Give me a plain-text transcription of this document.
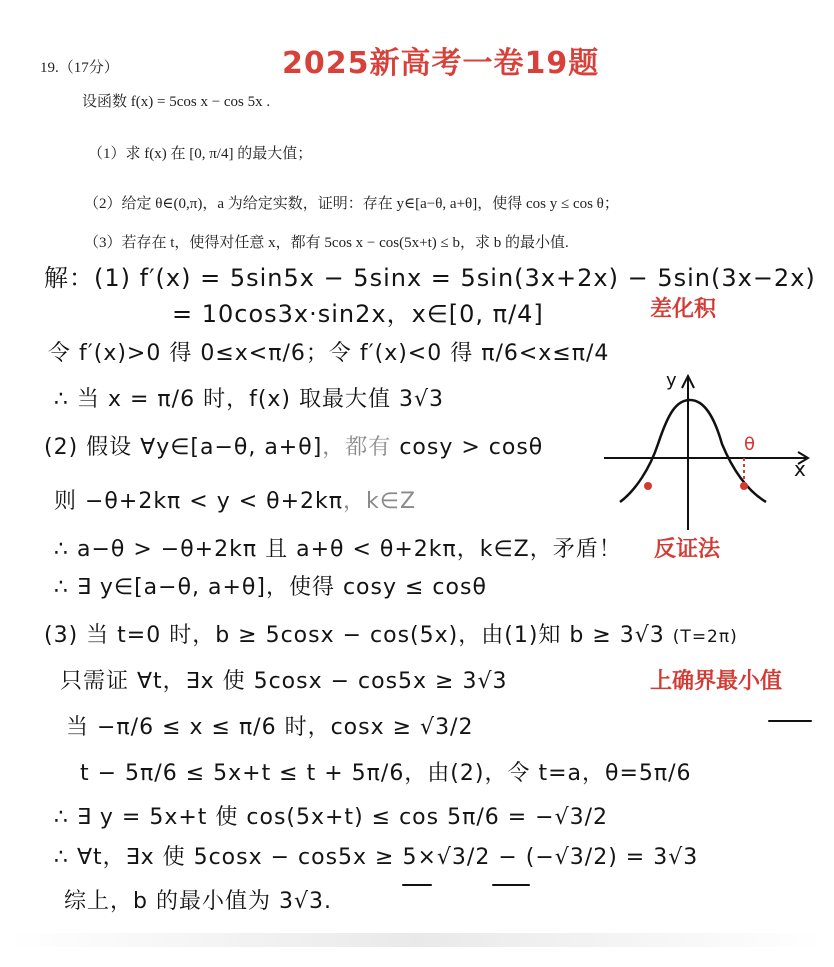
19.（17分）	2025新高考一卷19题
设函数 f(x) = 5cos x − cos 5x .
（1）求 f(x) 在 [0, π/4] 的最大值；
（2）给定 θ∈(0,π)，a 为给定实数，证明：存在 y∈[a−θ, a+θ]，使得 cos y ≤ cos θ；
（3）若存在 t，使得对任意 x，都有 5cos x − cos(5x+t) ≤ b，求 b 的最小值.
解：(1) f′(x) = 5sin5x − 5sinx = 5sin(3x+2x) − 5sin(3x−2x)
= 10cos3x·sin2x，x∈[0, π/4]
令 f′(x)>0 得 0≤x<π/6；令 f′(x)<0 得 π/6<x≤π/4
∴ 当 x = π/6 时，f(x) 取最大值 3√3
(2) 假设 ∀y∈[a−θ, a+θ]，都有 cosy > cosθ
则 −θ+2kπ < y < θ+2kπ，k∈Z
∴ a−θ > −θ+2kπ 且 a+θ < θ+2kπ，k∈Z，矛盾！
∴ ∃ y∈[a−θ, a+θ]，使得 cosy ≤ cosθ
(3) 当 t=0 时，b ≥ 5cosx − cos(5x)，由(1)知 b ≥ 3√3 (T=2π)
只需证 ∀t，∃x 使 5cosx − cos5x ≥ 3√3
当 −π/6 ≤ x ≤ π/6 时，cosx ≥ √3/2
t − 5π/6 ≤ 5x+t ≤ t + 5π/6，由(2)，令 t=a，θ=5π/6
∴ ∃ y = 5x+t 使 cos(5x+t) ≤ cos 5π/6 = −√3/2
∴ ∀t，∃x 使 5cosx − cos5x ≥ 5×√3/2 − (−√3/2) = 3√3
综上，b 的最小值为 3√3.
差化积
反证法
上确界最小值
y
x
θ
